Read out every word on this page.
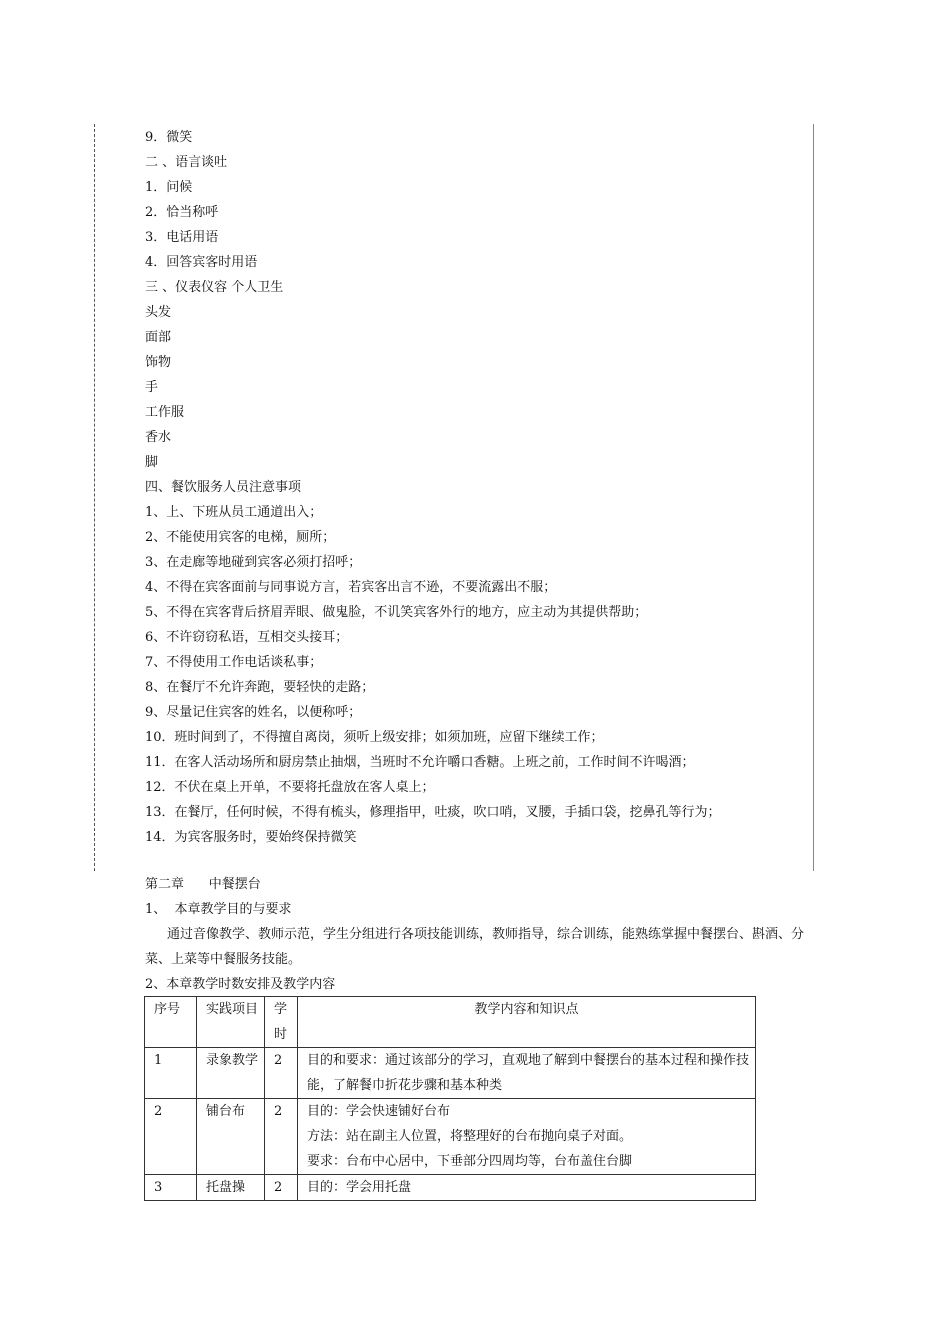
9．微笑
二 、语言谈吐
1．问候
2．恰当称呼
3．电话用语
4．回答宾客时用语
三 、仪表仪容 个人卫生
头发
面部
饰物
手
工作服
香水
脚
四、餐饮服务人员注意事项
1、上、下班从员工通道出入；
2、不能使用宾客的电梯，厕所；
3、在走廊等地碰到宾客必须打招呼；
4、不得在宾客面前与同事说方言，若宾客出言不逊，不要流露出不服；
5、不得在宾客背后挤眉弄眼、做鬼脸，不讥笑宾客外行的地方，应主动为其提供帮助；
6、不许窃窃私语，互相交头接耳；
7、不得使用工作电话谈私事；
8、在餐厅不允许奔跑，要轻快的走路；
9、尽量记住宾客的姓名，以便称呼；
10．班时间到了，不得擅自离岗，须听上级安排；如须加班，应留下继续工作；
11．在客人活动场所和厨房禁止抽烟，当班时不允许嚼口香糖。上班之前，工作时间不许喝酒；
12．不伏在桌上开单，不要将托盘放在客人桌上；
13．在餐厅，任何时候，不得有梳头，修理指甲，吐痰，吹口哨，叉腰，手插口袋，挖鼻孔等行为；
14．为宾客服务时，要始终保持微笑
第二章      中餐摆台
1、  本章教学目的与要求

通过音像教学、教师示范，学生分组进行各项技能训练，教师指导，综合训练，能熟练掌握中餐摆台、斟酒、分菜、上菜等中餐服务技能。

2、本章教学时数安排及教学内容
序号	实践项目	学时	教学内容和知识点
1	录象教学	2	目的和要求：通过该部分的学习，直观地了解到中餐摆台的基本过程和操作技能，了解餐巾折花步骤和基本种类

2	铺台布	2	目的：学会快速铺好台布
方法：站在副主人位置，将整理好的台布抛向桌子对面。
要求：台布中心居中，下垂部分四周均等，台布盖住台脚

3	托盘操	2	目的：学会用托盘
